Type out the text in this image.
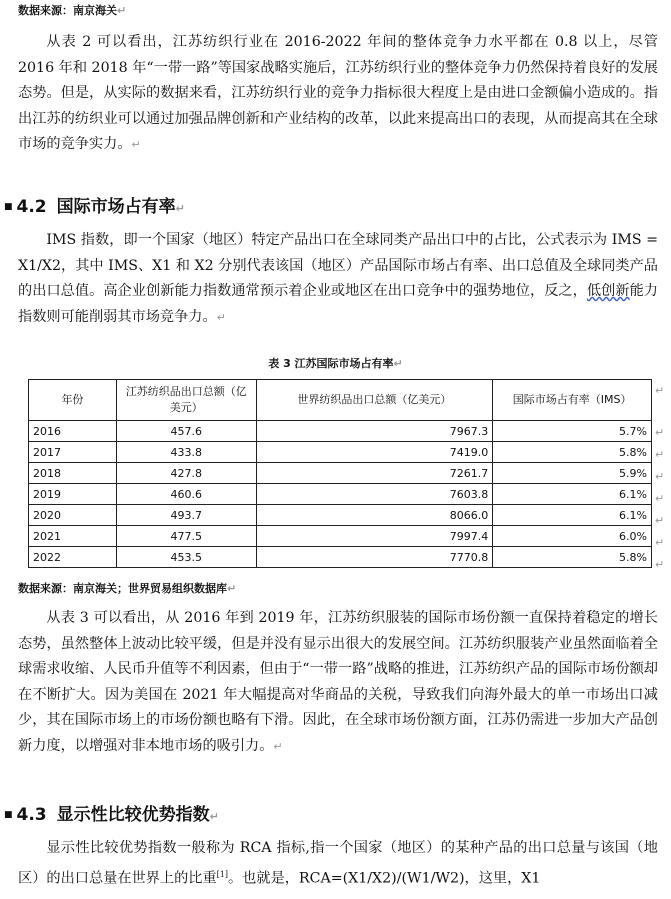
数据来源：南京海关↵

从表 2 可以看出，江苏纺织行业在 2016-2022 年间的整体竞争力水平都在 0.8 以上，尽管 2016 年和 2018 年“一带一路”等国家战略实施后，江苏纺织行业的整体竞争力仍然保持着良好的发展态势。但是，从实际的数据来看，江苏纺织行业的竞争力指标很大程度上是由进口金额偏小造成的。指出江苏的纺织业可以通过加强品牌创新和产业结构的改革，以此来提高出口的表现，从而提高其在全球市场的竞争实力。↵

■ 4.2 国际市场占有率↵

IMS 指数，即一个国家（地区）特定产品出口在全球同类产品出口中的占比，公式表示为 IMS = X1/X2，其中 IMS、X1 和 X2 分别代表该国（地区）产品国际市场占有率、出口总值及全球同类产品的出口总值。高企业创新能力指数通常预示着企业或地区在出口竞争中的强势地位，反之，低创新能力指数则可能削弱其市场竞争力。↵

表 3 江苏国际市场占有率↵
年份	江苏纺织品出口总额（亿美元）	世界纺织品出口总额（亿美元）	国际市场占有率（IMS）
2016	457.6	7967.3	5.7%
2017	433.8	7419.0	5.8%
2018	427.8	7261.7	5.9%
2019	460.6	7603.8	6.1%
2020	493.7	8066.0	6.1%
2021	477.5	7997.4	6.0%
2022	453.5	7770.8	5.8%
↵
↵
↵
↵
↵
↵
↵
↵
数据来源：南京海关；世界贸易组织数据库↵

从表 3 可以看出，从 2016 年到 2019 年，江苏纺织服装的国际市场份额一直保持着稳定的增长态势，虽然整体上波动比较平缓，但是并没有显示出很大的发展空间。江苏纺织服装产业虽然面临着全球需求收缩、人民币升值等不利因素，但由于“一带一路”战略的推进，江苏纺织产品的国际市场份额却在不断扩大。因为美国在 2021 年大幅提高对华商品的关税，导致我们向海外最大的单一市场出口减少，其在国际市场上的市场份额也略有下滑。因此，在全球市场份额方面，江苏仍需进一步加大产品创新力度，以增强对非本地市场的吸引力。↵

■ 4.3 显示性比较优势指数↵

显示性比较优势指数一般称为 RCA 指标,指一个国家（地区）的某种产品的出口总量与该国（地区）的出口总量在世界上的比重[1]。也就是，RCA=(X1/X2)/(W1/W2)，这里，X1
